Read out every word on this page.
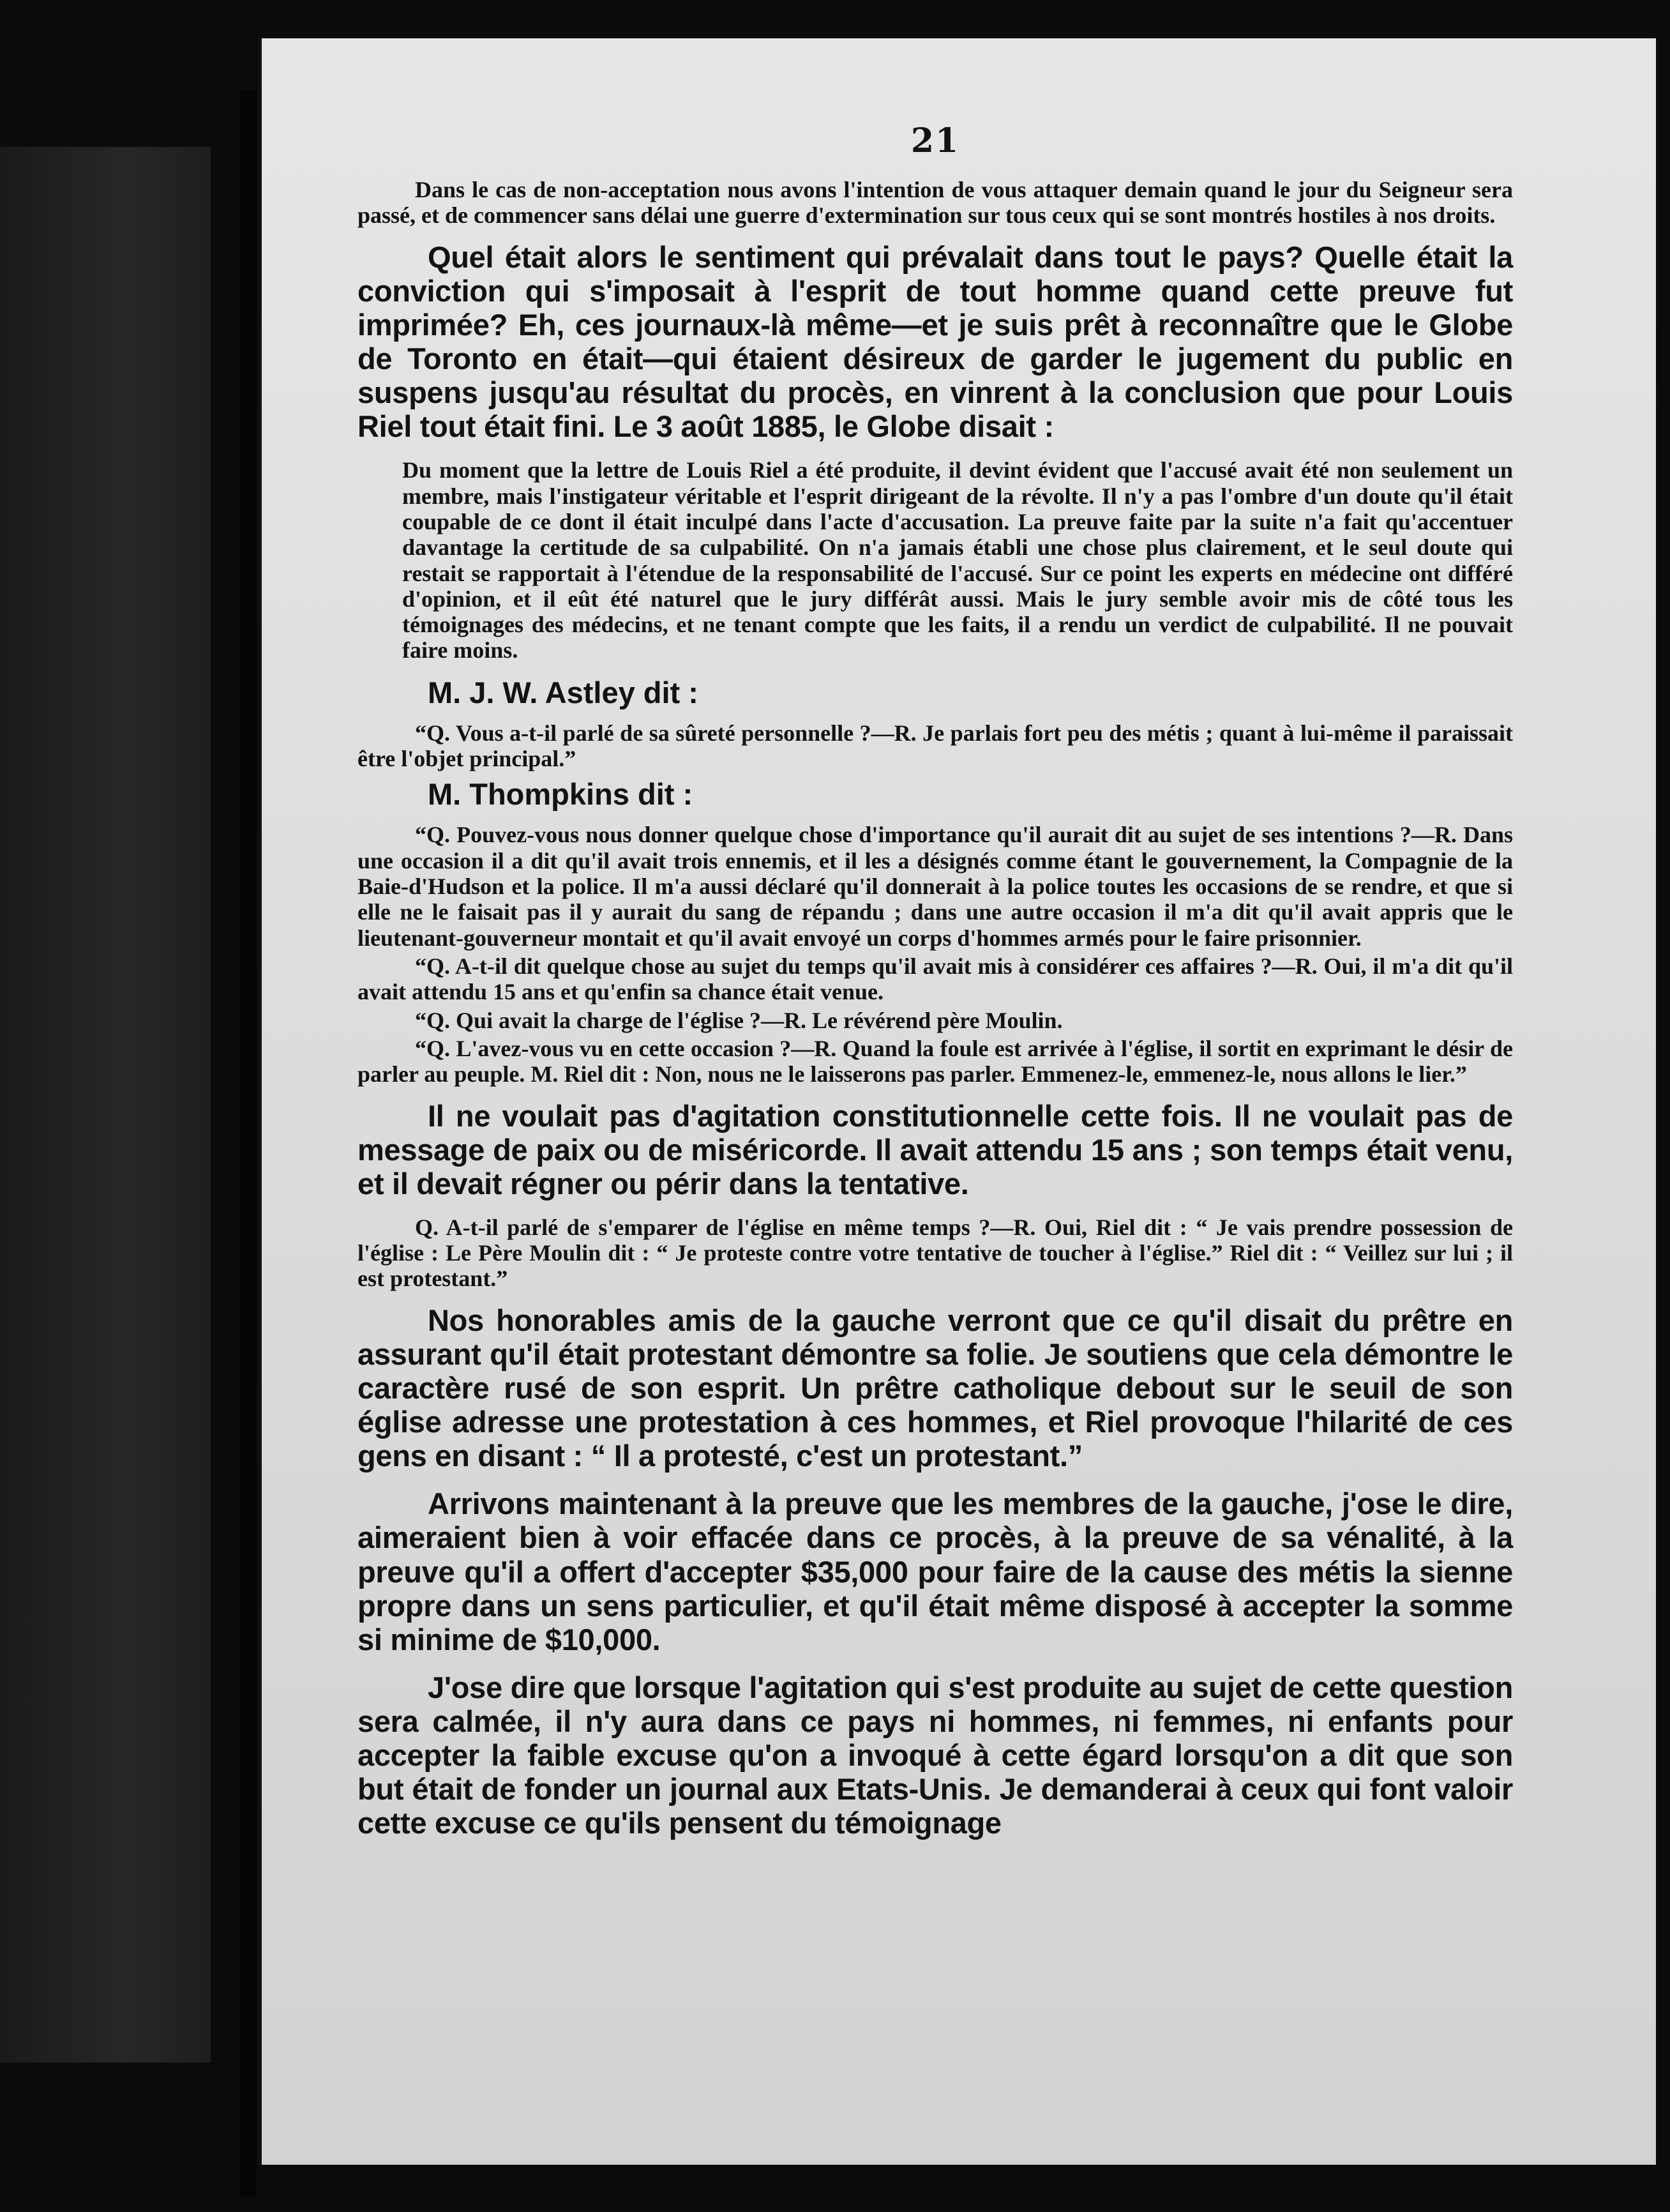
21

Dans le cas de non-acceptation nous avons l'intention de vous attaquer demain quand le jour du Seigneur sera passé, et de commencer sans délai une guerre d'extermination sur tous ceux qui se sont montrés hostiles à nos droits.

Quel était alors le sentiment qui prévalait dans tout le pays? Quelle était la conviction qui s'imposait à l'esprit de tout homme quand cette preuve fut imprimée? Eh, ces journaux-là même—et je suis prêt à reconnaître que le Globe de Toronto en était—qui étaient désireux de garder le jugement du public en suspens jusqu'au résultat du procès, en vinrent à la conclusion que pour Louis Riel tout était fini. Le 3 août 1885, le Globe disait :

Du moment que la lettre de Louis Riel a été produite, il devint évident que l'accusé avait été non seulement un membre, mais l'instigateur véritable et l'esprit dirigeant de la révolte. Il n'y a pas l'ombre d'un doute qu'il était coupable de ce dont il était inculpé dans l'acte d'accusation. La preuve faite par la suite n'a fait qu'accentuer davantage la certitude de sa culpabilité. On n'a jamais établi une chose plus clairement, et le seul doute qui restait se rapportait à l'étendue de la responsabilité de l'accusé. Sur ce point les experts en médecine ont différé d'opinion, et il eût été naturel que le jury différât aussi. Mais le jury semble avoir mis de côté tous les témoignages des médecins, et ne tenant compte que les faits, il a rendu un verdict de culpabilité. Il ne pouvait faire moins.

M. J. W. Astley dit :

“Q. Vous a-t-il parlé de sa sûreté personnelle ?—R. Je parlais fort peu des métis ; quant à lui-même il paraissait être l'objet principal.”

M. Thompkins dit :

“Q. Pouvez-vous nous donner quelque chose d'importance qu'il aurait dit au sujet de ses intentions ?—R. Dans une occasion il a dit qu'il avait trois ennemis, et il les a désignés comme étant le gouvernement, la Compagnie de la Baie-d'Hudson et la police. Il m'a aussi déclaré qu'il donnerait à la police toutes les occasions de se rendre, et que si elle ne le faisait pas il y aurait du sang de répandu ; dans une autre occasion il m'a dit qu'il avait appris que le lieutenant-gouverneur montait et qu'il avait envoyé un corps d'hommes armés pour le faire prisonnier.

“Q. A-t-il dit quelque chose au sujet du temps qu'il avait mis à considérer ces affaires ?—R. Oui, il m'a dit qu'il avait attendu 15 ans et qu'enfin sa chance était venue.

“Q. Qui avait la charge de l'église ?—R. Le révérend père Moulin.

“Q. L'avez-vous vu en cette occasion ?—R. Quand la foule est arrivée à l'église, il sortit en exprimant le désir de parler au peuple. M. Riel dit : Non, nous ne le laisserons pas parler. Emmenez-le, emmenez-le, nous allons le lier.”

Il ne voulait pas d'agitation constitutionnelle cette fois. Il ne voulait pas de message de paix ou de miséricorde. Il avait attendu 15 ans ; son temps était venu, et il devait régner ou périr dans la tentative.

Q. A-t-il parlé de s'emparer de l'église en même temps ?—R. Oui, Riel dit : “ Je vais prendre possession de l'église : Le Père Moulin dit : “ Je proteste contre votre tentative de toucher à l'église.” Riel dit : “ Veillez sur lui ; il est protestant.”

Nos honorables amis de la gauche verront que ce qu'il disait du prêtre en assurant qu'il était protestant démontre sa folie. Je soutiens que cela démontre le caractère rusé de son esprit. Un prêtre catholique debout sur le seuil de son église adresse une protestation à ces hommes, et Riel provoque l'hilarité de ces gens en disant : “ Il a protesté, c'est un protestant.”

Arrivons maintenant à la preuve que les membres de la gauche, j'ose le dire, aimeraient bien à voir effacée dans ce procès, à la preuve de sa vénalité, à la preuve qu'il a offert d'accepter $35,000 pour faire de la cause des métis la sienne propre dans un sens particulier, et qu'il était même disposé à accepter la somme si minime de $10,000.

J'ose dire que lorsque l'agitation qui s'est produite au sujet de cette question sera calmée, il n'y aura dans ce pays ni hommes, ni femmes, ni enfants pour accepter la faible excuse qu'on a invoqué à cette égard lorsqu'on a dit que son but était de fonder un journal aux Etats-Unis. Je demanderai à ceux qui font valoir cette excuse ce qu'ils pensent du témoignage
